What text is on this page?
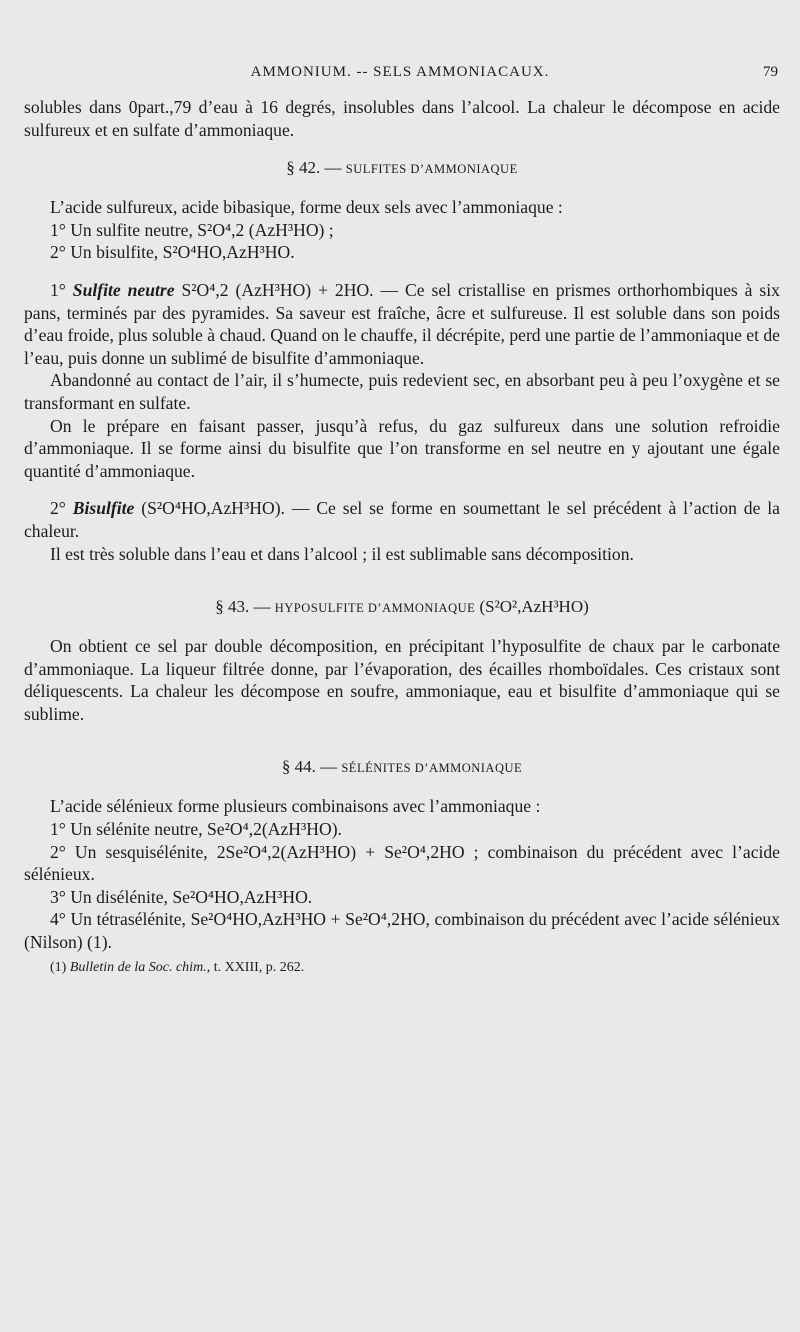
AMMONIUM. -- SELS AMMONIACAUX.	79

solubles dans 0part.,79 d’eau à 16 degrés, insolubles dans l’alcool. La chaleur le décompose en acide sulfureux et en sulfate d’ammoniaque.

§ 42. — SULFITES D’AMMONIAQUE

L’acide sulfureux, acide bibasique, forme deux sels avec l’ammoniaque :

1° Un sulfite neutre, S²O⁴,2 (AzH³HO) ;

2° Un bisulfite, S²O⁴HO,AzH³HO.

1° Sulfite neutre S²O⁴,2 (AzH³HO) + 2HO. — Ce sel cristallise en prismes orthorhombiques à six pans, terminés par des pyramides. Sa saveur est fraîche, âcre et sulfureuse. Il est soluble dans son poids d’eau froide, plus soluble à chaud. Quand on le chauffe, il décrépite, perd une partie de l’ammoniaque et de l’eau, puis donne un sublimé de bisulfite d’ammoniaque.

Abandonné au contact de l’air, il s’humecte, puis redevient sec, en absorbant peu à peu l’oxygène et se transformant en sulfate.

On le prépare en faisant passer, jusqu’à refus, du gaz sulfureux dans une solution refroidie d’ammoniaque. Il se forme ainsi du bisulfite que l’on transforme en sel neutre en y ajoutant une égale quantité d’ammoniaque.

2° Bisulfite (S²O⁴HO,AzH³HO). — Ce sel se forme en soumettant le sel précédent à l’action de la chaleur.

Il est très soluble dans l’eau et dans l’alcool ; il est sublimable sans décomposition.

§ 43. — HYPOSULFITE D’AMMONIAQUE (S²O²,AzH³HO)

On obtient ce sel par double décomposition, en précipitant l’hyposulfite de chaux par le carbonate d’ammoniaque. La liqueur filtrée donne, par l’évaporation, des écailles rhomboïdales. Ces cristaux sont déliquescents. La chaleur les décompose en soufre, ammoniaque, eau et bisulfite d’ammoniaque qui se sublime.

§ 44. — SÉLÉNITES D’AMMONIAQUE

L’acide sélénieux forme plusieurs combinaisons avec l’ammoniaque :

1° Un sélénite neutre, Se²O⁴,2(AzH³HO).

2° Un sesquisélénite, 2Se²O⁴,2(AzH³HO) + Se²O⁴,2HO ; combinaison du précédent avec l’acide sélénieux.

3° Un disélénite, Se²O⁴HO,AzH³HO.

4° Un tétrasélénite, Se²O⁴HO,AzH³HO + Se²O⁴,2HO, combinaison du précédent avec l’acide sélénieux (Nilson) (1).

(1) Bulletin de la Soc. chim., t. XXIII, p. 262.
